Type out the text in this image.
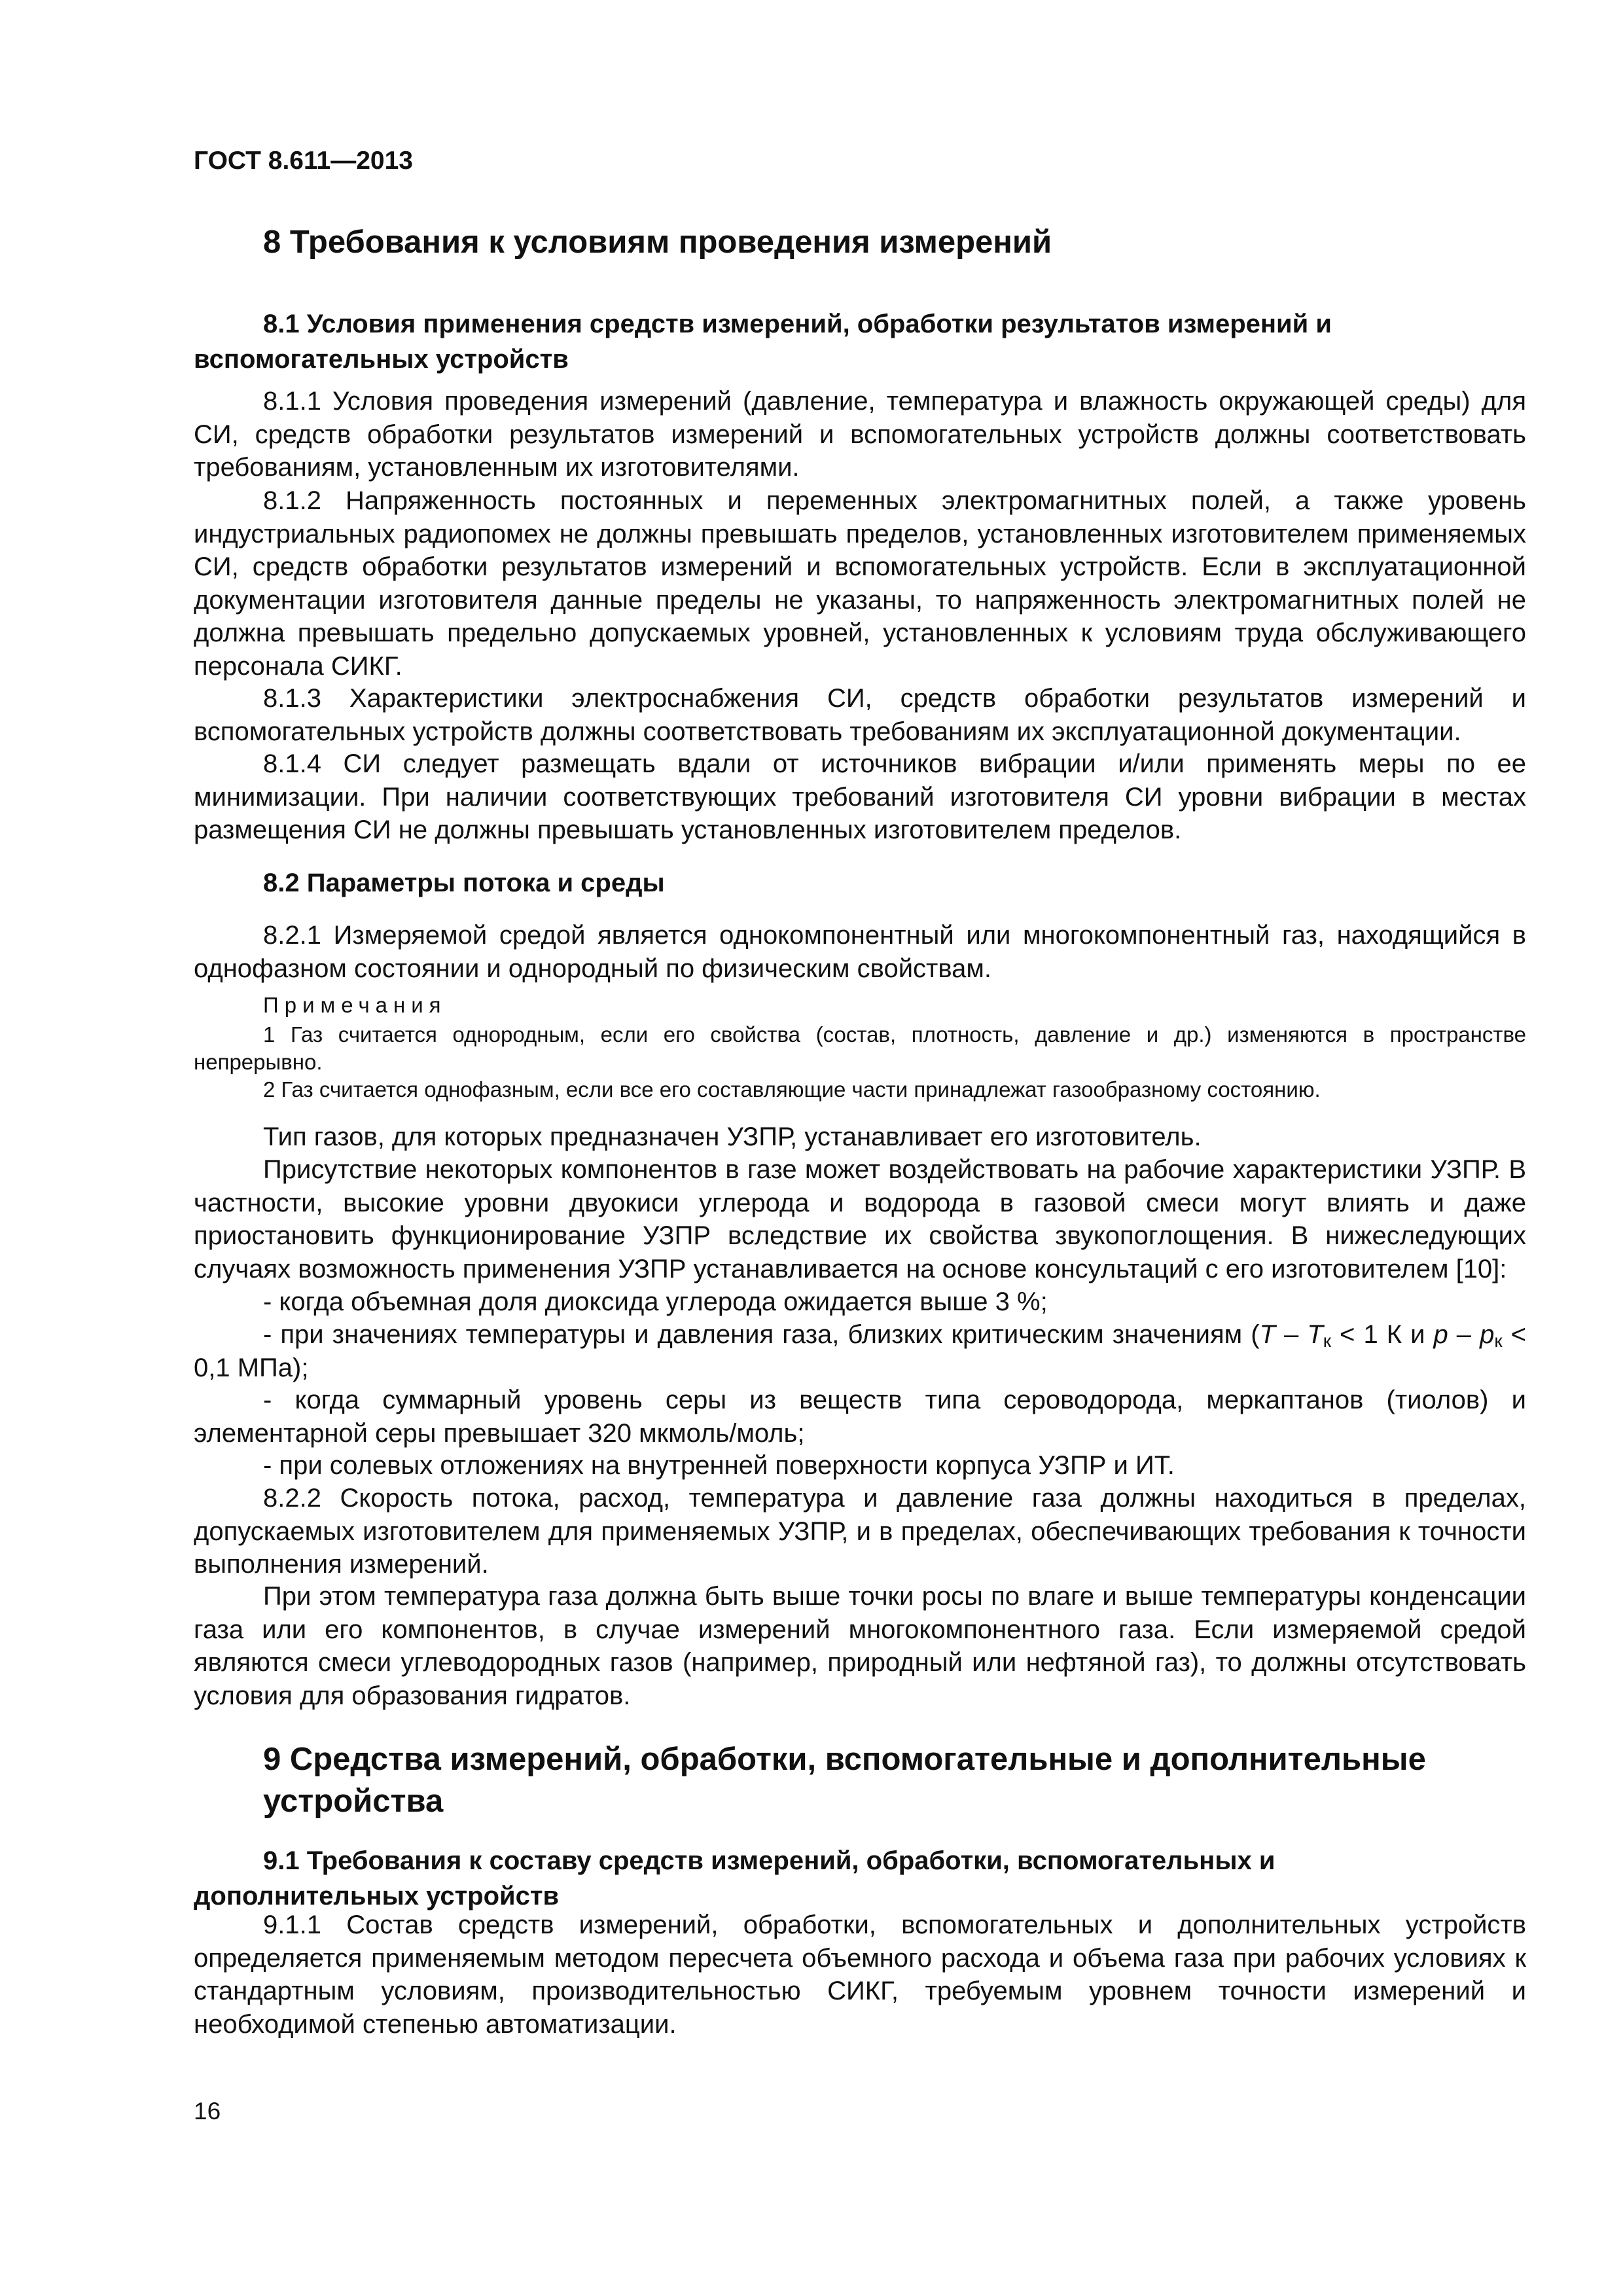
ГОСТ 8.611—2013
8 Требования к условиям проведения измерений
8.1 Условия применения средств измерений, обработки результатов измерений и
вспомогательных устройств

8.1.1 Условия проведения измерений (давление, температура и влажность окружающей среды) для СИ, средств обработки результатов измерений и вспомогательных устройств должны соответствовать требованиям, установленным их изготовителями.

8.1.2 Напряженность постоянных и переменных электромагнитных полей, а также уровень индустриальных радиопомех не должны превышать пределов, установленных изготовителем применяемых СИ, средств обработки результатов измерений и вспомогательных устройств. Если в эксплуатационной документации изготовителя данные пределы не указаны, то напряженность электромагнитных полей не должна превышать предельно допускаемых уровней, установленных к условиям труда обслуживающего персонала СИКГ.

8.1.3 Характеристики электроснабжения СИ, средств обработки результатов измерений и вспомогательных устройств должны соответствовать требованиям их эксплуатационной документации.

8.1.4 СИ следует размещать вдали от источников вибрации и/или применять меры по ее минимизации. При наличии соответствующих требований изготовителя СИ уровни вибрации в местах размещения СИ не должны превышать установленных изготовителем пределов.

8.2 Параметры потока и среды

8.2.1 Измеряемой средой является однокомпонентный или многокомпонентный газ, находящийся в однофазном состоянии и однородный по физическим свойствам.

Примечания
1 Газ считается однородным, если его свойства (состав, плотность, давление и др.) изменяются в пространстве непрерывно.
2 Газ считается однофазным, если все его составляющие части принадлежат газообразному состоянию.

Тип газов, для которых предназначен УЗПР, устанавливает его изготовитель.

Присутствие некоторых компонентов в газе может воздействовать на рабочие характеристики УЗПР. В частности, высокие уровни двуокиси углерода и водорода в газовой смеси могут влиять и даже приостановить функционирование УЗПР вследствие их свойства звукопоглощения. В нижеследующих случаях возможность применения УЗПР устанавливается на основе консультаций с его изготовителем [10]:

- когда объемная доля диоксида углерода ожидается выше 3 %;

- при значениях температуры и давления газа, близких критическим значениям ($T - T_к < 1$ К и $p - p_к < 0,1$ МПа);

- когда суммарный уровень серы из веществ типа сероводорода, меркаптанов (тиолов) и элементарной серы превышает 320 мкмоль/моль;

- при солевых отложениях на внутренней поверхности корпуса УЗПР и ИТ.

8.2.2 Скорость потока, расход, температура и давление газа должны находиться в пределах, допускаемых изготовителем для применяемых УЗПР, и в пределах, обеспечивающих требования к точности выполнения измерений.

При этом температура газа должна быть выше точки росы по влаге и выше температуры конденсации газа или его компонентов, в случае измерений многокомпонентного газа. Если измеряемой средой являются смеси углеводородных газов (например, природный или нефтяной газ), то должны отсутствовать условия для образования гидратов.

9 Средства измерений, обработки, вспомогательные и дополнительные устройства
9.1 Требования к составу средств измерений, обработки, вспомогательных и
дополнительных устройств

9.1.1 Состав средств измерений, обработки, вспомогательных и дополнительных устройств определяется применяемым методом пересчета объемного расхода и объема газа при рабочих условиях к стандартным условиям, производительностью СИКГ, требуемым уровнем точности измерений и необходимой степенью автоматизации.

16
